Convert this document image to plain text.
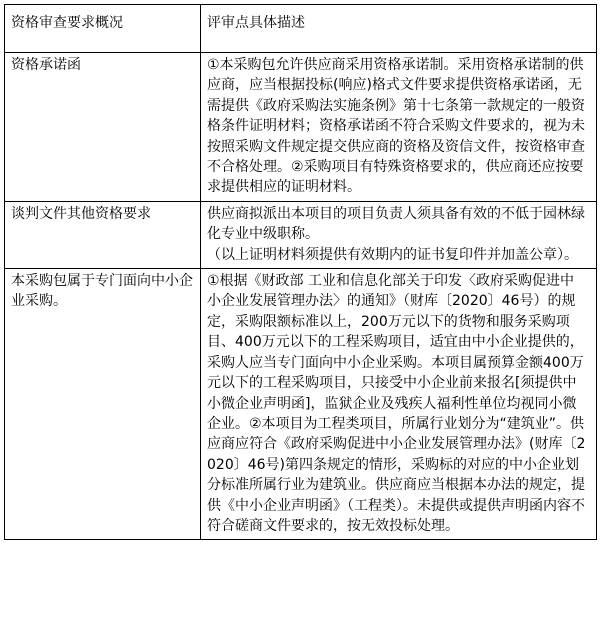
资格审查要求概况	评审点具体描述
资格承诺函	①本采购包允许供应商采用资格承诺制。采用资格承诺制的供应商，应当根据投标(响应)格式文件要求提供资格承诺函，无需提供《政府采购法实施条例》第十七条第一款规定的一般资格条件证明材料；资格承诺函不符合采购文件要求的，视为未按照采购文件规定提交供应商的资格及资信文件，按资格审查不合格处理。②采购项目有特殊资格要求的，供应商还应按要求提供相应的证明材料。
谈判文件其他资格要求	供应商拟派出本项目的项目负责人须具备有效的不低于园林绿化专业中级职称。
（以上证明材料须提供有效期内的证书复印件并加盖公章）。

本采购包属于专门面向中小企业采购。	①根据《财政部 工业和信息化部关于印发〈政府采购促进中 小企业发展管理办法〉的通知》（财库〔2020〕46号）的规定，采购限额标准以上，200万元以下的货物和服务采购项目、400万元以下的工程采购项目，适宜由中小企业提供的，采购人应当专门面向中小企业采购。本项目属预算金额400万元以下的工程采购项目，只接受中小企业前来报名[须提供中小微企业声明函]，监狱企业及残疾人福利性单位均视同小微企业。②本项目为工程类项目，所属行业划分为“建筑业”。供应商应符合《政府采购促进中小企业发展管理办法》(财库〔2020〕46号)第四条规定的情形，采购标的对应的中小企业划分标准所属行业为建筑业。供应商应当根据本办法的规定，提供《中小企业声明函》（工程类）。未提供或提供声明函内容不符合磋商文件要求的，按无效投标处理。
